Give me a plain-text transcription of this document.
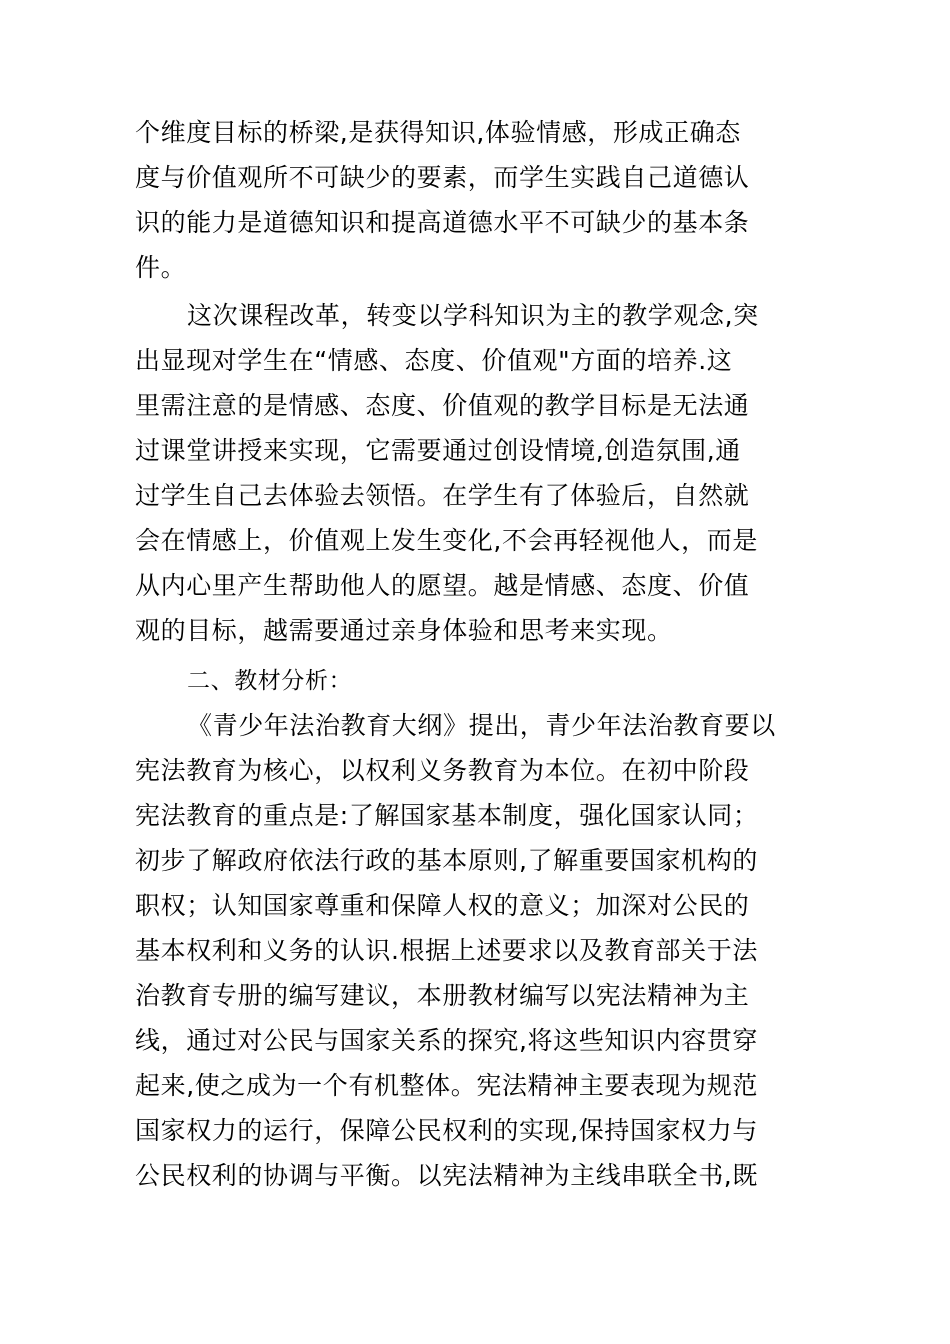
个维度目标的桥梁,是获得知识,体验情感，形成正确态
度与价值观所不可缺少的要素，而学生实践自己道德认
识的能力是道德知识和提高道德水平不可缺少的基本条
件。
这次课程改革，转变以学科知识为主的教学观念,突
出显现对学生在“情感、态度、价值观"方面的培养.这
里需注意的是情感、态度、价值观的教学目标是无法通
过课堂讲授来实现，它需要通过创设情境,创造氛围,通
过学生自己去体验去领悟。在学生有了体验后，自然就
会在情感上，价值观上发生变化,不会再轻视他人，而是
从内心里产生帮助他人的愿望。越是情感、态度、价值
观的目标，越需要通过亲身体验和思考来实现。
二、教材分析：
《青少年法治教育大纲》提出，青少年法治教育要以
宪法教育为核心，以权利义务教育为本位。在初中阶段
宪法教育的重点是:了解国家基本制度，强化国家认同；
初步了解政府依法行政的基本原则,了解重要国家机构的
职权；认知国家尊重和保障人权的意义；加深对公民的
基本权利和义务的认识.根据上述要求以及教育部关于法
治教育专册的编写建议，本册教材编写以宪法精神为主
线，通过对公民与国家关系的探究,将这些知识内容贯穿
起来,使之成为一个有机整体。宪法精神主要表现为规范
国家权力的运行，保障公民权利的实现,保持国家权力与
公民权利的协调与平衡。以宪法精神为主线串联全书,既
